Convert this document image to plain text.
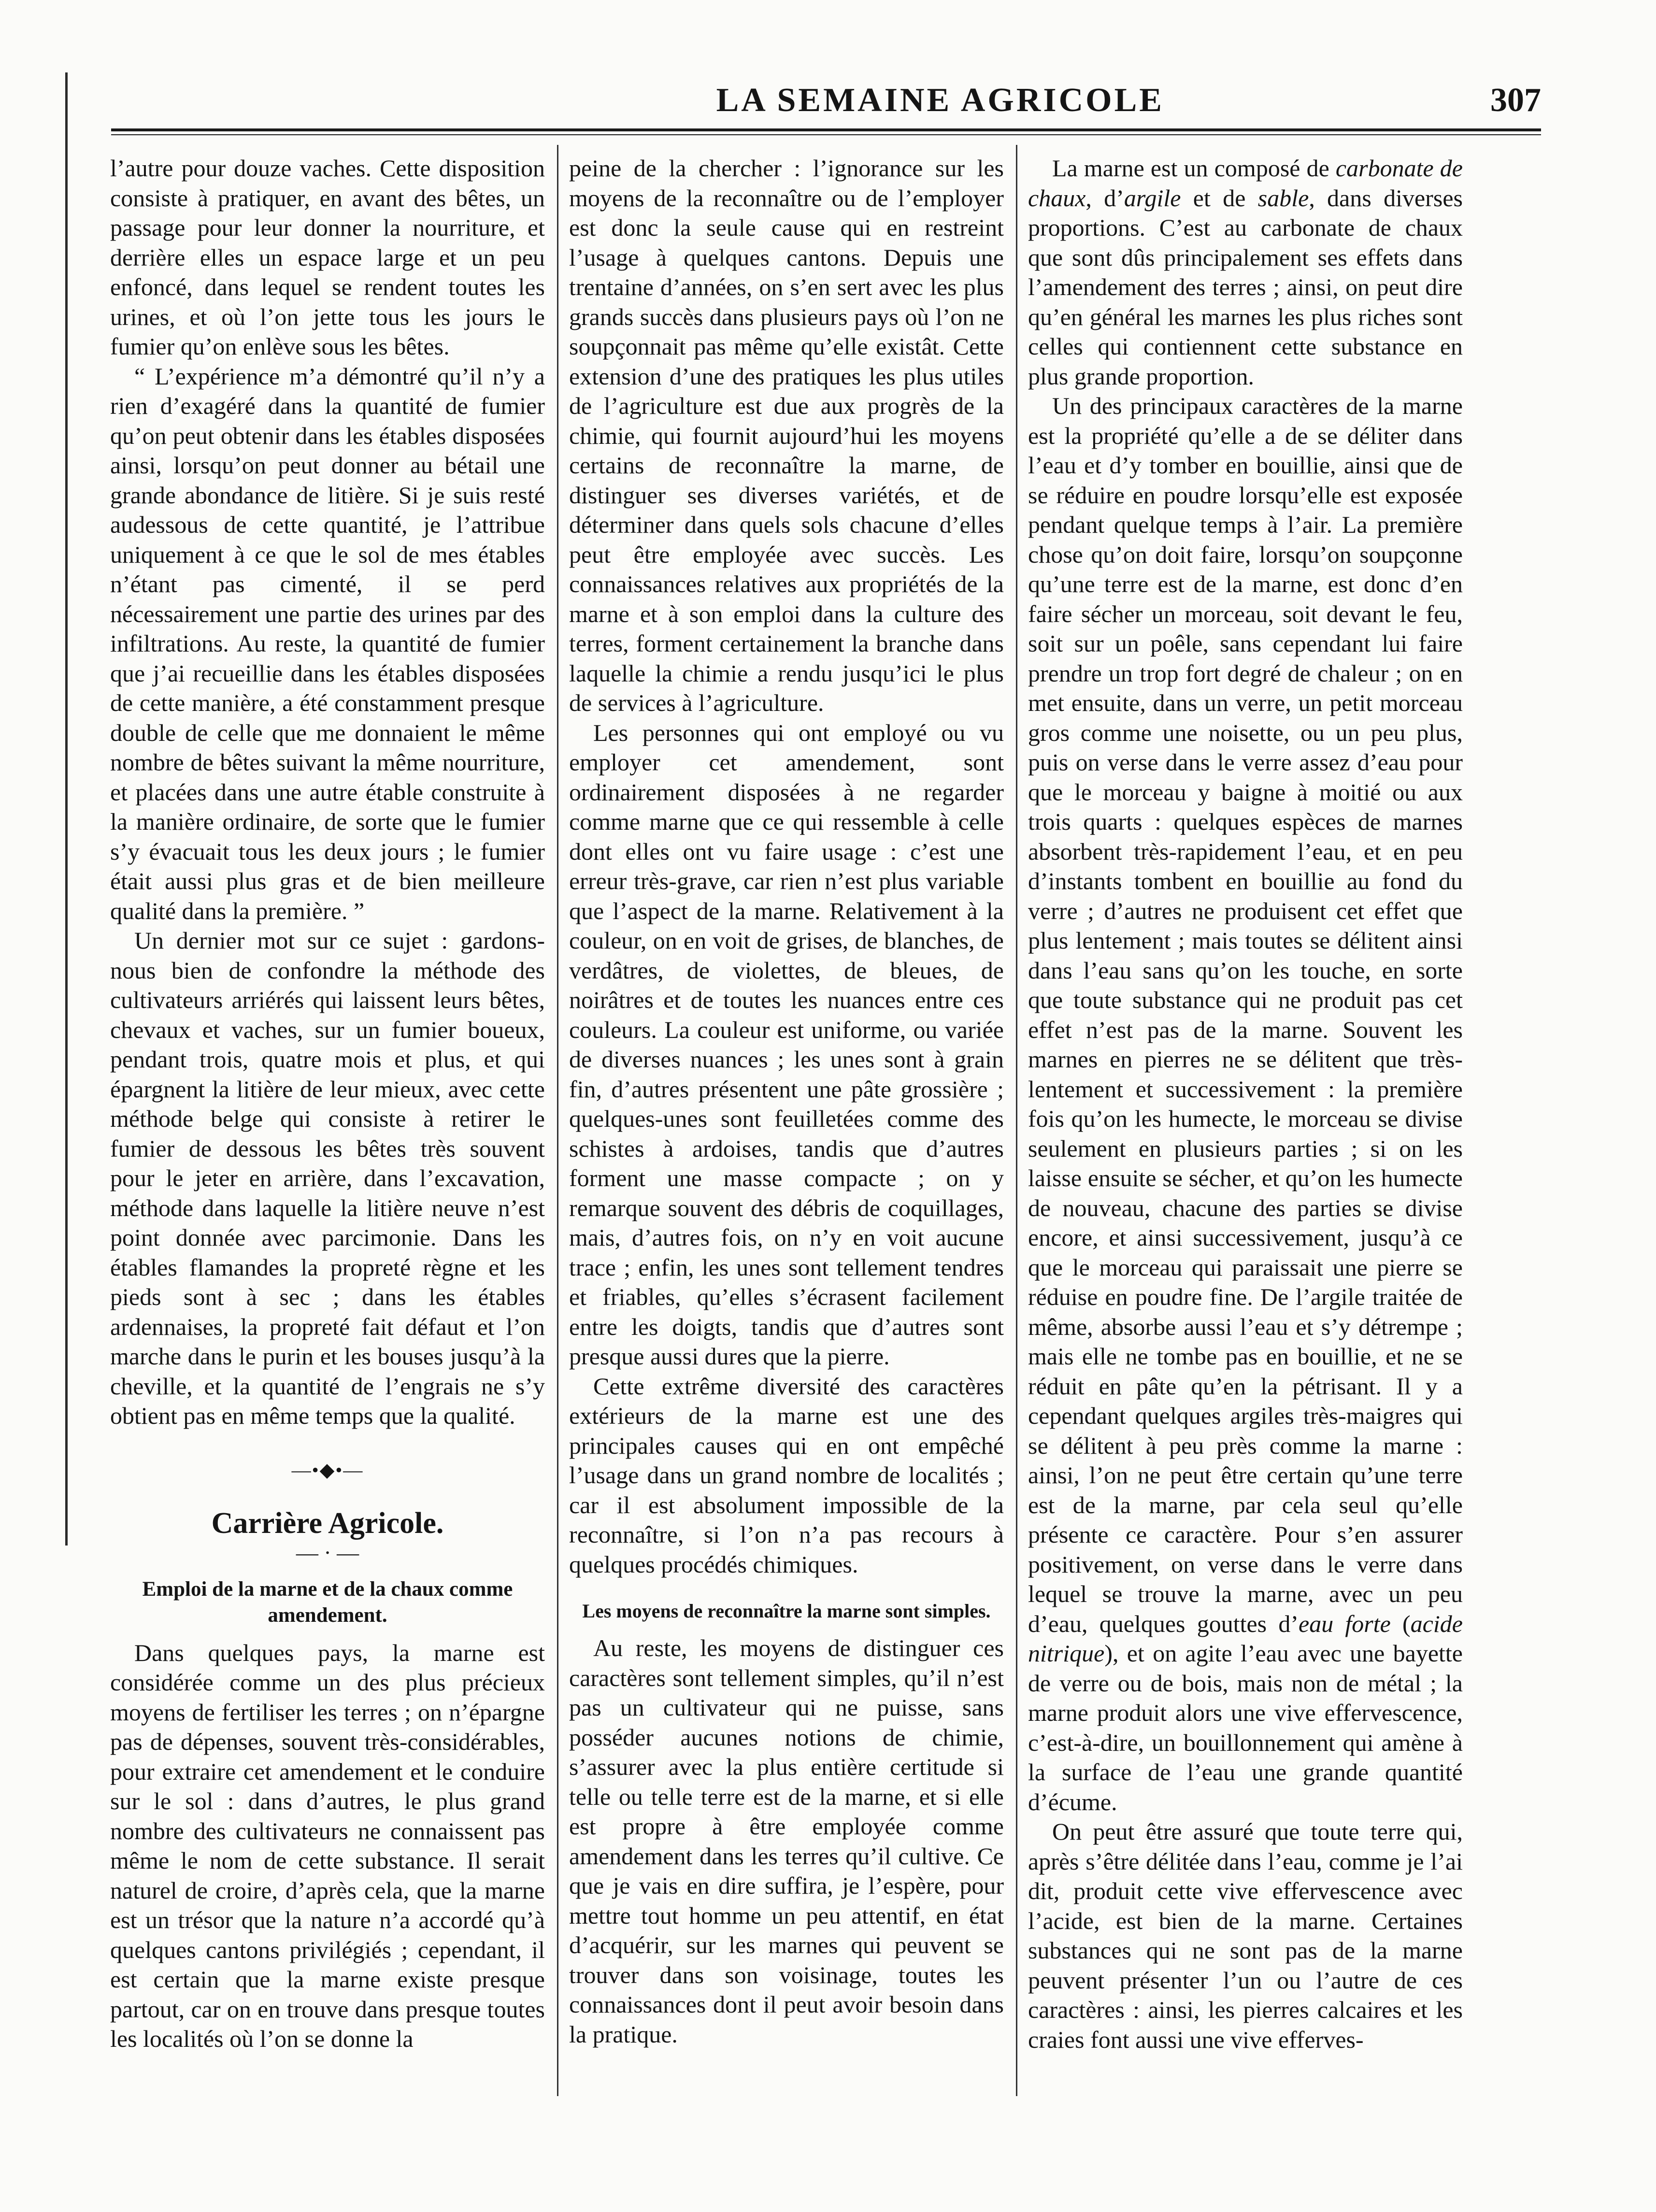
LA SEMAINE AGRICOLE	307

l’autre pour douze vaches. Cette disposition consiste à pratiquer, en avant des bêtes, un passage pour leur donner la nourriture, et derrière elles un espace large et un peu enfoncé, dans lequel se rendent toutes les urines, et où l’on jette tous les jours le fumier qu’on enlève sous les bêtes.

“ L’expérience m’a démontré qu’il n’y a rien d’exagéré dans la quantité de fumier qu’on peut obtenir dans les étables disposées ainsi, lorsqu’on peut donner au bétail une grande abondance de litière. Si je suis resté audessous de cette quantité, je l’attribue uniquement à ce que le sol de mes étables n’étant pas cimenté, il se perd nécessairement une partie des urines par des infiltrations. Au reste, la quantité de fumier que j’ai recueillie dans les étables disposées de cette manière, a été constamment presque double de celle que me donnaient le même nombre de bêtes suivant la même nourriture, et placées dans une autre étable construite à la manière ordinaire, de sorte que le fumier s’y évacuait tous les deux jours ; le fumier était aussi plus gras et de bien meilleure qualité dans la première. ”

Un dernier mot sur ce sujet : gardons-nous bien de confondre la méthode des cultivateurs arriérés qui laissent leurs bêtes, chevaux et vaches, sur un fumier boueux, pendant trois, quatre mois et plus, et qui épargnent la litière de leur mieux, avec cette méthode belge qui consiste à retirer le fumier de dessous les bêtes très souvent pour le jeter en arrière, dans l’excavation, méthode dans laquelle la litière neuve n’est point donnée avec parcimonie. Dans les étables flamandes la propreté règne et les pieds sont à sec ; dans les étables ardennaises, la propreté fait défaut et l’on marche dans le purin et les bouses jusqu’à la cheville, et la quantité de l’engrais ne s’y obtient pas en même temps que la qualité.

—•◆•—
Carrière Agricole.
— · —
Emploi de la marne et de la chaux comme amendement.

Dans quelques pays, la marne est considérée comme un des plus précieux moyens de fertiliser les terres ; on n’épargne pas de dépenses, souvent très-considérables, pour extraire cet amendement et le conduire sur le sol : dans d’autres, le plus grand nombre des cultivateurs ne connaissent pas même le nom de cette substance. Il serait naturel de croire, d’après cela, que la marne est un trésor que la nature n’a accordé qu’à quelques cantons privilégiés ; cependant, il est certain que la marne existe presque partout, car on en trouve dans presque toutes les localités où l’on se donne la

peine de la chercher : l’ignorance sur les moyens de la reconnaître ou de l’employer est donc la seule cause qui en restreint l’usage à quelques cantons. Depuis une trentaine d’années, on s’en sert avec les plus grands succès dans plusieurs pays où l’on ne soupçonnait pas même qu’elle existât. Cette extension d’une des pratiques les plus utiles de l’agriculture est due aux progrès de la chimie, qui fournit aujourd’hui les moyens certains de reconnaître la marne, de distinguer ses diverses variétés, et de déterminer dans quels sols chacune d’elles peut être employée avec succès. Les connaissances relatives aux propriétés de la marne et à son emploi dans la culture des terres, forment certainement la branche dans laquelle la chimie a rendu jusqu’ici le plus de services à l’agriculture.

Les personnes qui ont employé ou vu employer cet amendement, sont ordinairement disposées à ne regarder comme marne que ce qui ressemble à celle dont elles ont vu faire usage : c’est une erreur très-grave, car rien n’est plus variable que l’aspect de la marne. Relativement à la couleur, on en voit de grises, de blanches, de verdâtres, de violettes, de bleues, de noirâtres et de toutes les nuances entre ces couleurs. La couleur est uniforme, ou variée de diverses nuances ; les unes sont à grain fin, d’autres présentent une pâte grossière ; quelques-unes sont feuilletées comme des schistes à ardoises, tandis que d’autres forment une masse compacte ; on y remarque souvent des débris de coquillages, mais, d’autres fois, on n’y en voit aucune trace ; enfin, les unes sont tellement tendres et friables, qu’elles s’écrasent facilement entre les doigts, tandis que d’autres sont presque aussi dures que la pierre.

Cette extrême diversité des caractères extérieurs de la marne est une des principales causes qui en ont empêché l’usage dans un grand nombre de localités ; car il est absolument impossible de la reconnaître, si l’on n’a pas recours à quelques procédés chimiques.

Les moyens de reconnaître la marne sont simples.

Au reste, les moyens de distinguer ces caractères sont tellement simples, qu’il n’est pas un cultivateur qui ne puisse, sans posséder aucunes notions de chimie, s’assurer avec la plus entière certitude si telle ou telle terre est de la marne, et si elle est propre à être employée comme amendement dans les terres qu’il cultive. Ce que je vais en dire suffira, je l’espère, pour mettre tout homme un peu attentif, en état d’acquérir, sur les marnes qui peuvent se trouver dans son voisinage, toutes les connaissances dont il peut avoir besoin dans la pratique.

La marne est un composé de carbonate de chaux, d’argile et de sable, dans diverses proportions. C’est au carbonate de chaux que sont dûs principalement ses effets dans l’amendement des terres ; ainsi, on peut dire qu’en général les marnes les plus riches sont celles qui contiennent cette substance en plus grande proportion.

Un des principaux caractères de la marne est la propriété qu’elle a de se déliter dans l’eau et d’y tomber en bouillie, ainsi que de se réduire en poudre lorsqu’elle est exposée pendant quelque temps à l’air. La première chose qu’on doit faire, lorsqu’on soupçonne qu’une terre est de la marne, est donc d’en faire sécher un morceau, soit devant le feu, soit sur un poêle, sans cependant lui faire prendre un trop fort degré de chaleur ; on en met ensuite, dans un verre, un petit morceau gros comme une noisette, ou un peu plus, puis on verse dans le verre assez d’eau pour que le morceau y baigne à moitié ou aux trois quarts : quelques espèces de marnes absorbent très-rapidement l’eau, et en peu d’instants tombent en bouillie au fond du verre ; d’autres ne produisent cet effet que plus lentement ; mais toutes se délitent ainsi dans l’eau sans qu’on les touche, en sorte que toute substance qui ne produit pas cet effet n’est pas de la marne. Souvent les marnes en pierres ne se délitent que très-lentement et successivement : la première fois qu’on les humecte, le morceau se divise seulement en plusieurs parties ; si on les laisse ensuite se sécher, et qu’on les humecte de nouveau, chacune des parties se divise encore, et ainsi successivement, jusqu’à ce que le morceau qui paraissait une pierre se réduise en poudre fine. De l’argile traitée de même, absorbe aussi l’eau et s’y détrempe ; mais elle ne tombe pas en bouillie, et ne se réduit en pâte qu’en la pétrisant. Il y a cependant quelques argiles très-maigres qui se délitent à peu près comme la marne : ainsi, l’on ne peut être certain qu’une terre est de la marne, par cela seul qu’elle présente ce caractère. Pour s’en assurer positivement, on verse dans le verre dans lequel se trouve la marne, avec un peu d’eau, quelques gouttes d’eau forte (acide nitrique), et on agite l’eau avec une bayette de verre ou de bois, mais non de métal ; la marne produit alors une vive effervescence, c’est-à-dire, un bouillonnement qui amène à la surface de l’eau une grande quantité d’écume.

On peut être assuré que toute terre qui, après s’être délitée dans l’eau, comme je l’ai dit, produit cette vive effervescence avec l’acide, est bien de la marne. Certaines substances qui ne sont pas de la marne peuvent présenter l’un ou l’autre de ces caractères : ainsi, les pierres calcaires et les craies font aussi une vive efferves-
